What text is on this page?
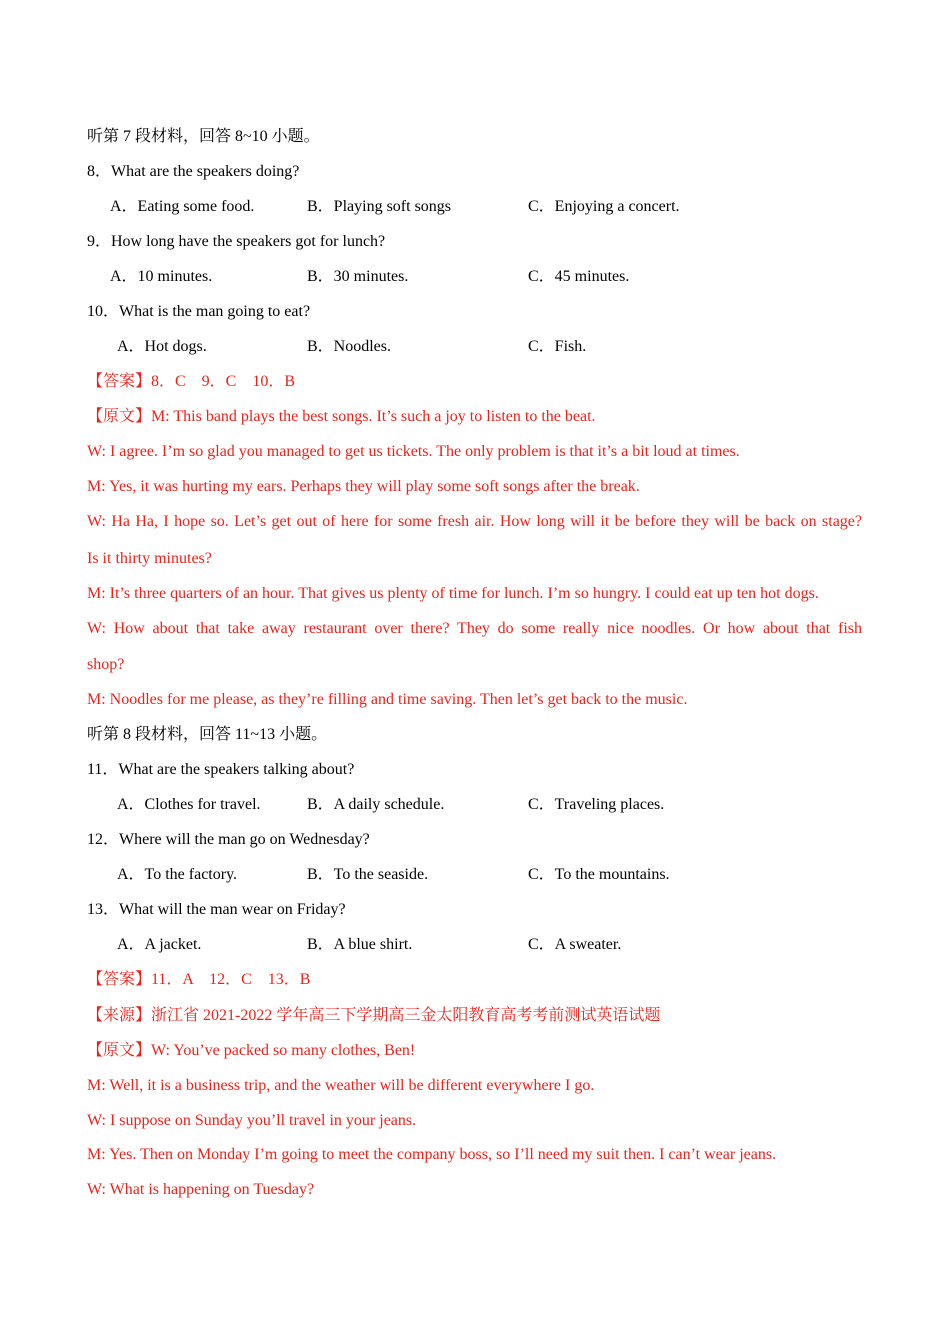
听第 7 段材料，回答 8~10 小题。
8．What are the speakers doing?
A．Eating some food.	B．Playing soft songs	C．Enjoying a concert.
9．How long have the speakers got for lunch?
A．10 minutes.	B．30 minutes.	C．45 minutes.
10．What is the man going to eat?
A．Hot dogs.	B．Noodles.	C．Fish.
【答案】8．C　9．C　10．B
【原文】M: This band plays the best songs. It’s such a joy to listen to the beat.
W: I agree. I’m so glad you managed to get us tickets. The only problem is that it’s a bit loud at times.
M: Yes, it was hurting my ears. Perhaps they will play some soft songs after the break.
W: Ha Ha, I hope so. Let’s get out of here for some fresh air. How long will it be before they will be back on stage?
Is it thirty minutes?
M: It’s three quarters of an hour. That gives us plenty of time for lunch. I’m so hungry. I could eat up ten hot dogs.
W: How about that take away restaurant over there? They do some really nice noodles. Or how about that fish
shop?
M: Noodles for me please, as they’re filling and time saving. Then let’s get back to the music.
听第 8 段材料，回答 11~13 小题。
11．What are the speakers talking about?
A．Clothes for travel.	B．A daily schedule.	C．Traveling places.
12．Where will the man go on Wednesday?
A．To the factory.	B．To the seaside.	C．To the mountains.
13．What will the man wear on Friday?
A．A jacket.	B．A blue shirt.	C．A sweater.
【答案】11．A　12．C　13．B
【来源】浙江省 2021-2022 学年高三下学期高三金太阳教育高考考前测试英语试题
【原文】W: You’ve packed so many clothes, Ben!
M: Well, it is a business trip, and the weather will be different everywhere I go.
W: I suppose on Sunday you’ll travel in your jeans.
M: Yes. Then on Monday I’m going to meet the company boss, so I’ll need my suit then. I can’t wear jeans.
W: What is happening on Tuesday?
